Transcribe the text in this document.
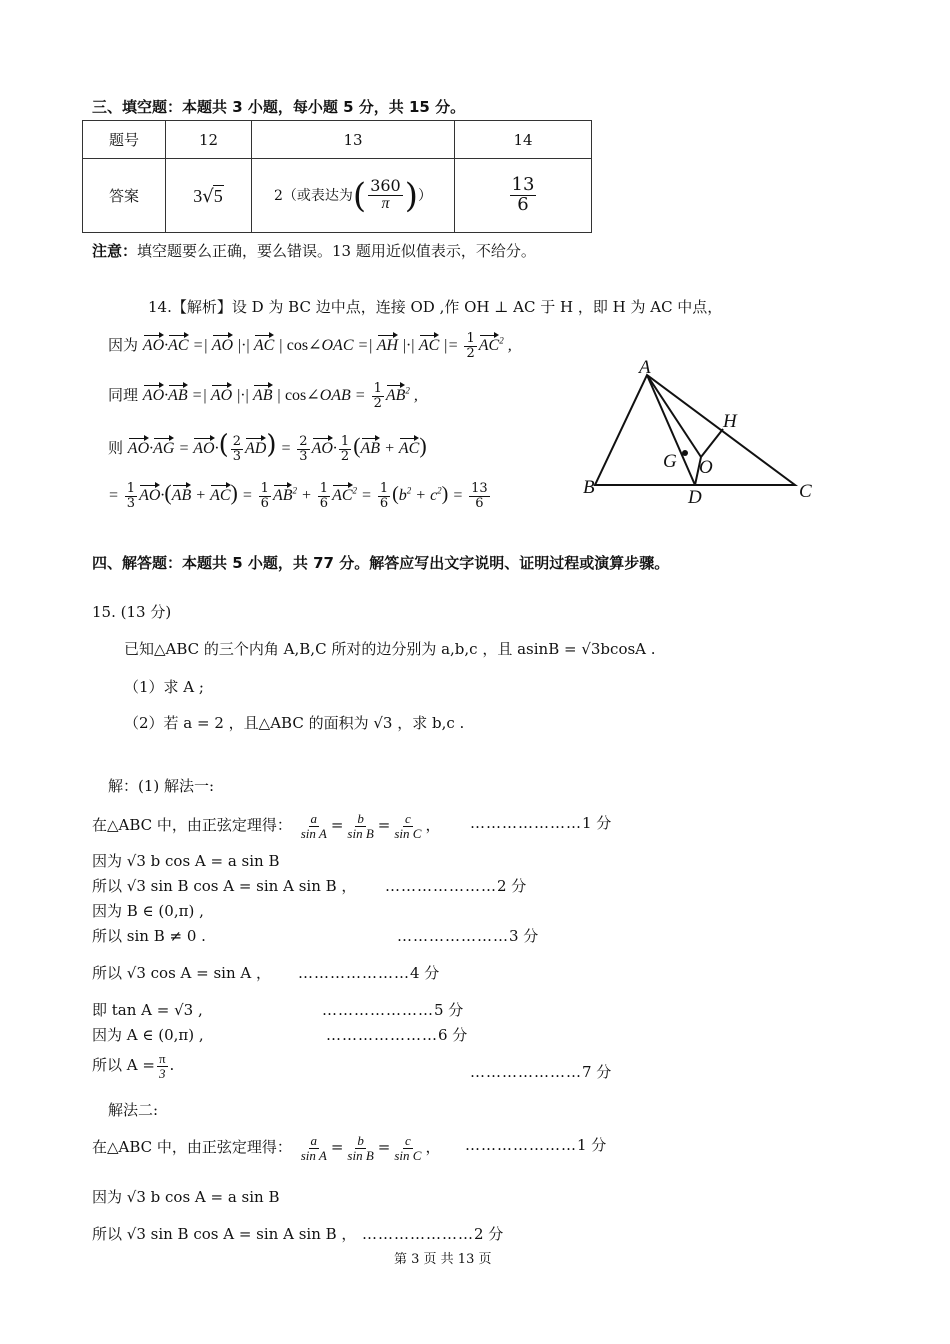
三、填空题：本题共 3 小题，每小题 5 分，共 15 分。
题号	12	13	14
答案	3√5	2（或表达为( $\frac{360}{\pi}$ )）	$\frac{13}{6}$
注意：填空题要么正确，要么错误。13 题用近似值表示，不给分。
14.【解析】设 D 为 BC 边中点，连接 OD ,作 OH ⊥ AC 于 H ，即 H 为 AC 中点，
因为 AO·AC =| AO |·| AC | cos∠OAC =| AH |·| AC |= $\frac{1}{2} AC^2$ ,
同理 AO·AB =| AO |·| AB | cos∠OAB = $\frac{1}{2} AB^2$ ,
则 $AO\cdot AG = AO\cdot( \frac{2}{3} AD) = \frac{2}{3} AO\cdot \frac{1}{2} (AB + AC)$
= $\frac{1}{3} AO\cdot(AB + AC) = \frac{1}{6} AB^2 + \frac{1}{6} AC^2 = \frac{1}{6} (b^2 + c^2) = \frac{13}{6}$
A
B	C
D
G
H
O
四、解答题：本题共 5 小题，共 77 分。解答应写出文字说明、证明过程或演算步骤。
15. (13 分)
已知△ABC 的三个内角 A,B,C 所对的边分别为 a,b,c ，且 asinB = √3bcosA .
（1）求 A ;
（2）若 a = 2 ，且△ABC 的面积为 √3 ，求 b,c .
解：(1) 解法一:
在△ABC 中，由正弦定理得： $\frac{a}{\text{sin A}} = \frac{b}{\text{sin B}} = \frac{c}{\text{sin C}}$ ， …………………1 分
因为 √3 b cos A = a sin B
所以 √3 sin B cos A = sin A sin B ， …………………2 分
因为 B ∈ (0,π) ,
所以 sin B ≠ 0 .	…………………3 分
所以 √3 cos A = sin A ， …………………4 分
即 tan A = √3 ,	…………………5 分
因为 A ∈ (0,π) ,	…………………6 分
所以 $A = \frac{\pi}{3}$ .	…………………7 分
解法二:
在△ABC 中，由正弦定理得： $\frac{a}{\text{sin A}} = \frac{b}{\text{sin B}} = \frac{c}{\text{sin C}}$ ， …………………1 分
因为 √3 b cos A = a sin B
所以 √3 sin B cos A = sin A sin B ， …………………2 分
第 3 页 共 13 页
